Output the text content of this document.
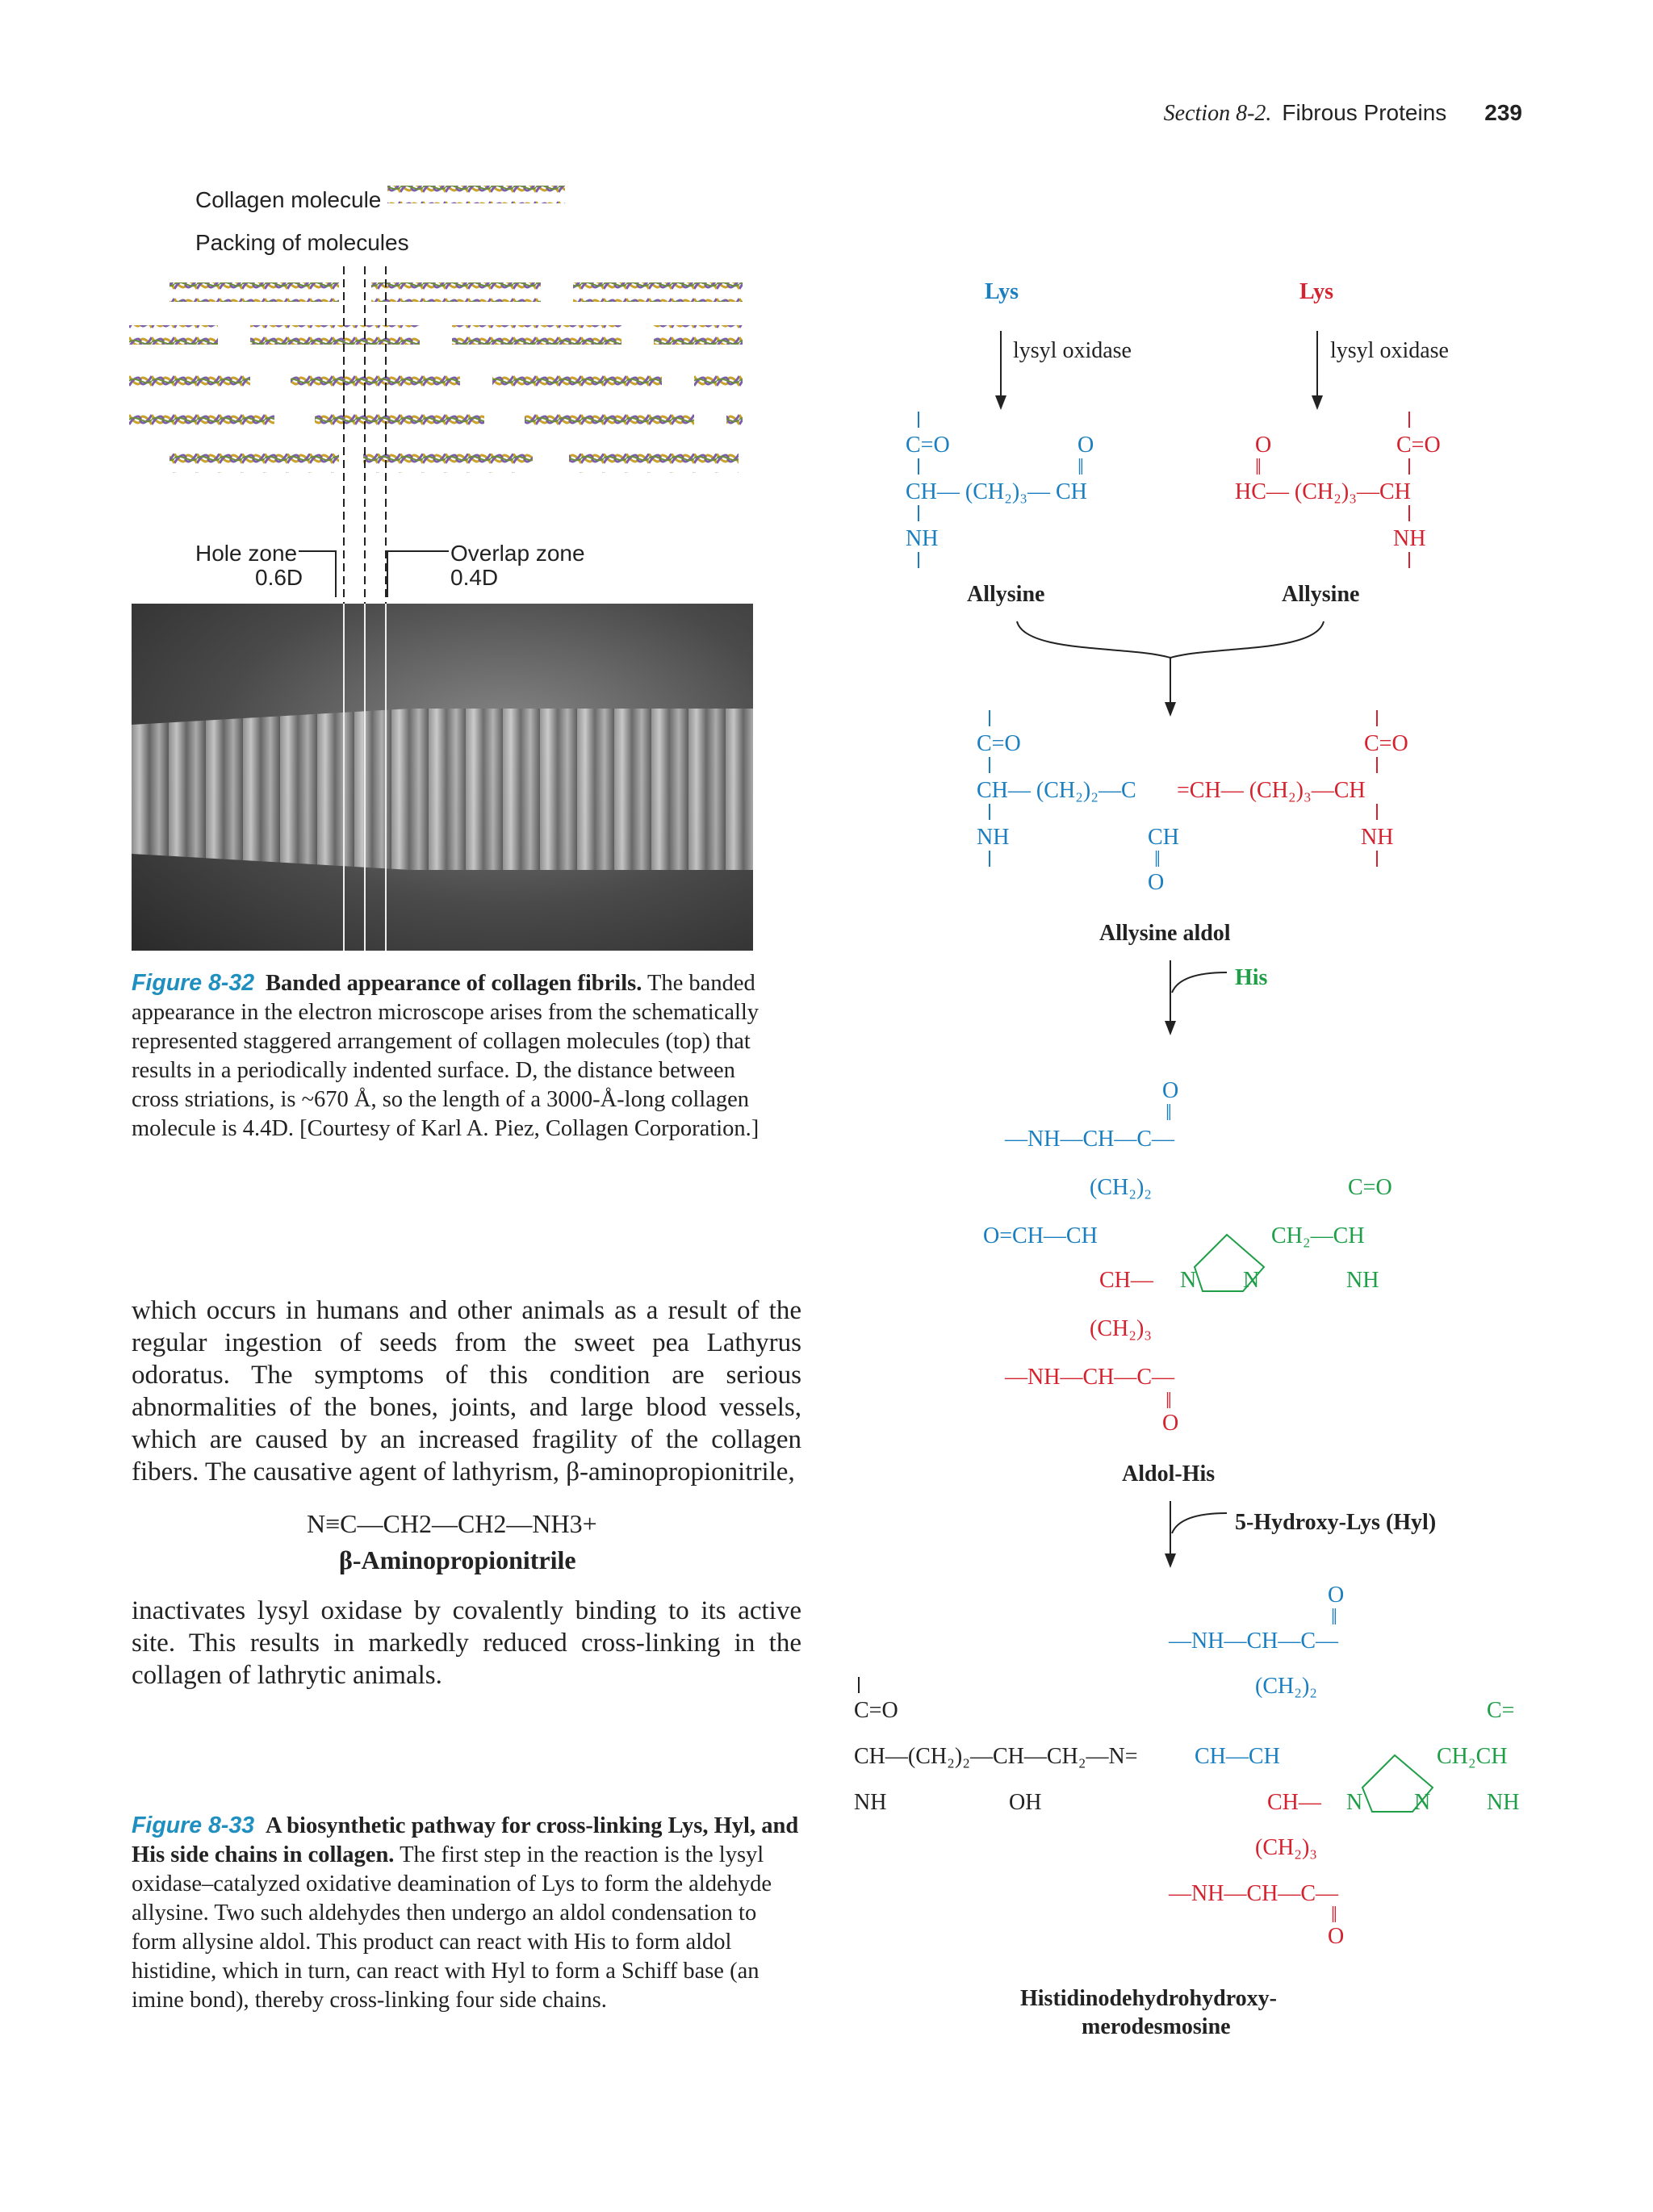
Section 8-2. Fibrous Proteins 239
Collagen molecule
Packing of molecules
Hole zone
0.6D
Overlap zone
0.4D
Figure 8-32 Banded appearance of collagen fibrils. The banded appearance in the electron microscope arises from the schematically represented staggered arrangement of collagen molecules (top) that results in a periodically indented surface. D, the distance between cross striations, is ~670 Å, so the length of a 3000-Å-long collagen molecule is 4.4D. [Courtesy of Karl A. Piez, Collagen Corporation.]
which occurs in humans and other animals as a result of the regular ingestion of seeds from the sweet pea Lathyrus odoratus. The symptoms of this condition are serious abnormalities of the bones, joints, and large blood vessels, which are caused by an increased fragility of the collagen fibers. The causative agent of lathyrism, β-aminopropionitrile,
N≡C—CH2—CH2—NH3+
β-Aminopropionitrile
inactivates lysyl oxidase by covalently binding to its active site. This results in markedly reduced cross-linking in the collagen of lathrytic animals.
Figure 8-33 A biosynthetic pathway for cross-linking Lys, Hyl, and His side chains in collagen. The first step in the reaction is the lysyl oxidase–catalyzed oxidative deamination of Lys to form the aldehyde allysine. Two such aldehydes then undergo an aldol condensation to form allysine aldol. This product can react with His to form aldol histidine, which in turn, can react with Hyl to form a Schiff base (an imine bond), thereby cross-linking four side chains.
Lys	Lys
lysyl oxidase	lysyl oxidase
C=O
CH— (CH₂)₃— CH
O
‖
NH
C=O
HC— (CH₂)₃—CH
O
‖
NH
Allysine	Allysine
C=O
CH— (CH₂)₂—C
NH	CH
‖
O
=CH— (CH₂)₃—CH
C=O
NH
Allysine aldol
His
O
‖
—NH—CH—C—
(CH₂)₂
O=CH—CH
CH—
(CH₂)₃
—NH—CH—C—
‖
O
N N
CH₂—CH
C=O
NH
Aldol-His
5-Hydroxy-Lys (Hyl)
C=O
CH—(CH₂)₂—CH—CH₂—N=
NH	OH
O
‖
—NH—CH—C—
(CH₂)₂
CH—CH
CH—
(CH₂)₃
—NH—CH—C—
‖
O
N N
CH₂CH
C=
NH
Histidinodehydrohydroxy-
merodesmosine
